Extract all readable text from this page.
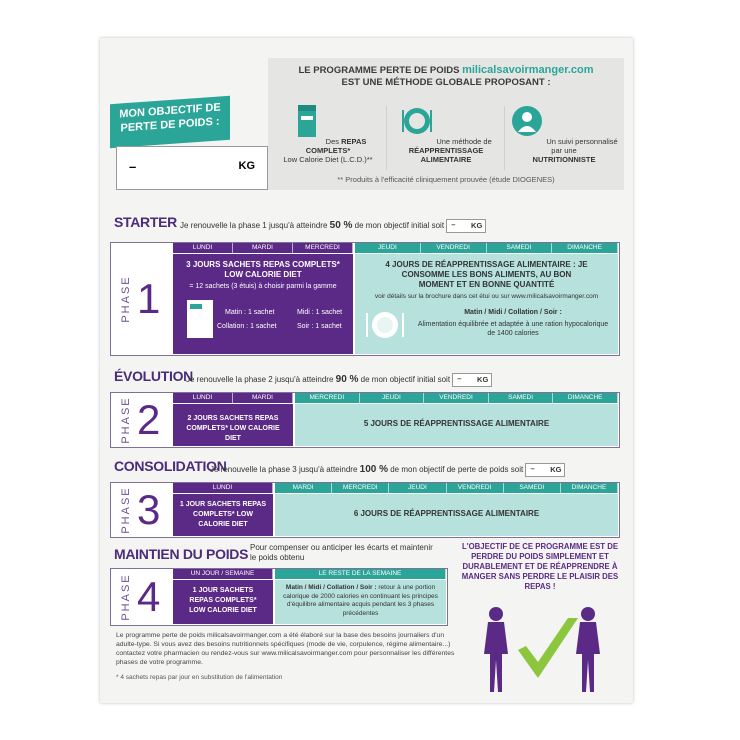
MON OBJECTIF DE PERTE DE POIDS :
–	KG
LE PROGRAMME PERTE DE POIDS milicalsavoirmanger.com
EST UNE MÉTHODE GLOBALE PROPOSANT :
Des REPAS COMPLETS*
Low Calorie Diet (L.C.D.)**
Une méthode de
RÉAPPRENTISSAGE ALIMENTAIRE
Un suivi personnalisé par une
NUTRITIONNISTE
** Produits à l'efficacité cliniquement prouvée (étude DIOGENES)
STARTER Je renouvelle la phase 1 jusqu'à atteindre 50 % de mon objectif initial soit – KG
PHASE 1
LUNDI	MARDI	MERCREDI	JEUDI	VENDREDI	SAMEDI	DIMANCHE
3 JOURS SACHETS REPAS COMPLETS* LOW CALORIE DIET
= 12 sachets (3 étuis) à choisir parmi la gamme
Matin : 1 sachet	Midi : 1 sachet
Collation : 1 sachet	Soir : 1 sachet
4 JOURS DE RÉAPPRENTISSAGE ALIMENTAIRE : JE CONSOMME LES BONS ALIMENTS, AU BON MOMENT ET EN BONNE QUANTITÉ
voir détails sur la brochure dans cet étui ou sur www.milicalsavoirmanger.com
Matin / Midi / Collation / Soir :
Alimentation équilibrée et adaptée à une ration hypocalorique de 1400 calories
ÉVOLUTION
Je renouvelle la phase 2 jusqu'à atteindre 90 % de mon objectif initial soit – KG
PHASE 2	LUNDI	MARDI	MERCREDI	JEUDI	VENDREDI	SAMEDI	DIMANCHE
2 JOURS SACHETS REPAS COMPLETS* LOW CALORIE DIET
5 JOURS DE RÉAPPRENTISSAGE ALIMENTAIRE
CONSOLIDATION
Je renouvelle la phase 3 jusqu'à atteindre 100 % de mon objectif de perte de poids soit – KG
PHASE 3	LUNDI	MARDI	MERCREDI	JEUDI	VENDREDI	SAMEDI	DIMANCHE
1 JOUR SACHETS REPAS COMPLETS* LOW CALORIE DIET
6 JOURS DE RÉAPPRENTISSAGE ALIMENTAIRE
MAINTIEN DU POIDS Pour compenser ou anticiper les écarts et maintenir le poids obtenu
PHASE 4	UN JOUR / SEMAINE	LE RESTE DE LA SEMAINE
1 JOUR SACHETS REPAS COMPLETS* LOW CALORIE DIET
Matin / Midi / Collation / Soir : retour à une portion calorique de 2000 calories en continuant les principes d'équilibre alimentaire acquis pendant les 3 phases précédentes
L'OBJECTIF DE CE PROGRAMME EST DE PERDRE DU POIDS SIMPLEMENT ET DURABLEMENT ET DE RÉAPPRENDRE À MANGER SANS PERDRE LE PLAISIR DES REPAS !
Le programme perte de poids milicalsavoirmanger.com a été élaboré sur la base des besoins journaliers d'un adulte-type. Si vous avez des besoins nutritionnels spécifiques (mode de vie, corpulence, régime alimentaire...) contactez votre pharmacien ou rendez-vous sur www.milicalsavoirmanger.com pour personnaliser les différentes phases de votre programme.
* 4 sachets repas par jour en substitution de l'alimentation
